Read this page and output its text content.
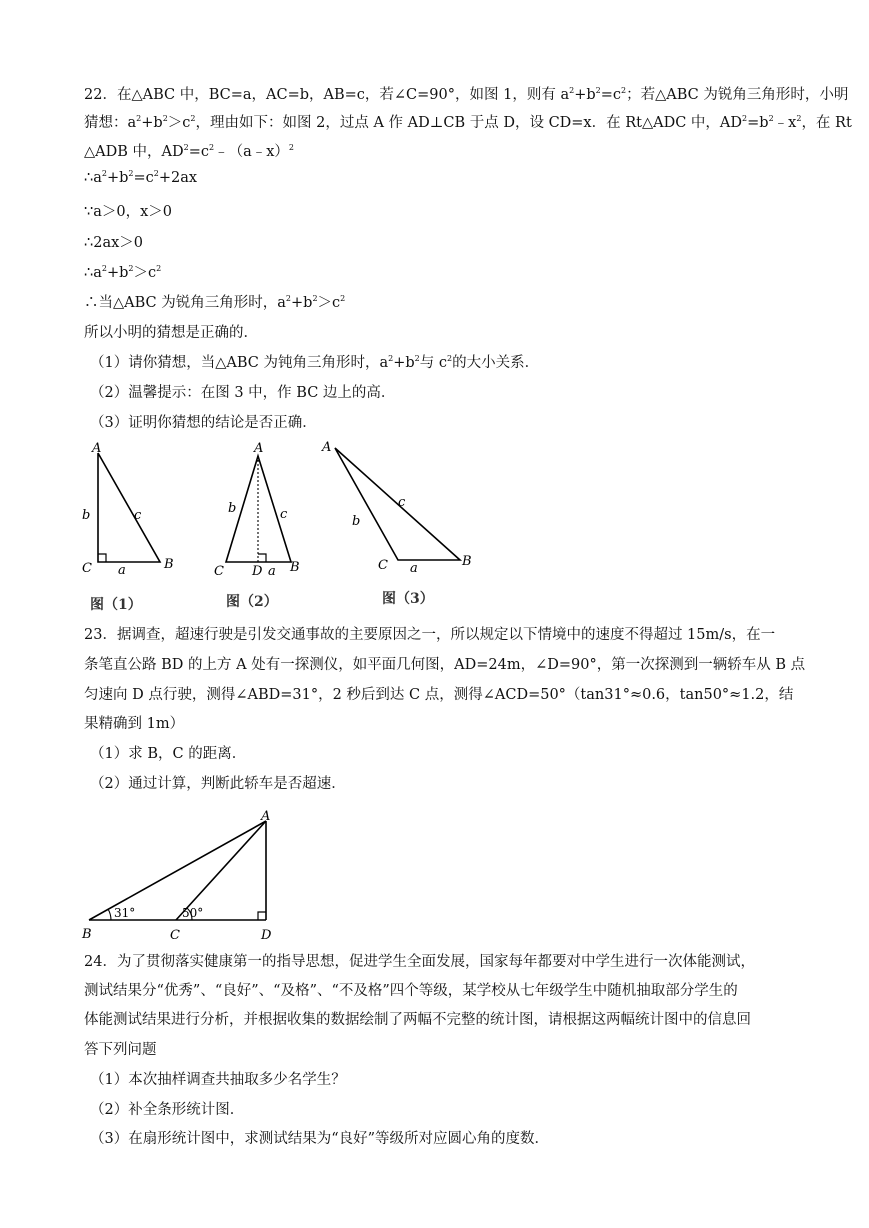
22．在△ABC 中，BC=a，AC=b，AB=c，若∠C=90°，如图 1，则有 $a^2+b^2=c^2$；若△ABC 为锐角三角形时，小明
猜想：$a^2+b^2>c^2$，理由如下：如图 2，过点 A 作 AD⊥CB 于点 D，设 CD=x．在 Rt△ADC 中，$AD^2=b^2﹣x^2$，在 Rt
△ADB 中，$AD^2=c^2﹣(a﹣x)^2$
$\therefore a^2+b^2=c^2+2ax$
∵a＞0，x＞0
∴2ax＞0
$\therefore a^2+b^2>c^2$
∴当△ABC 为锐角三角形时，$a^2+b^2>c^2$
所以小明的猜想是正确的．
（1）请你猜想，当△ABC 为钝角三角形时，$a^2+b^2$与 $c^2$的大小关系．
（2）温馨提示：在图 3 中，作 BC 边上的高．
（3）证明你猜想的结论是否正确．
A
b	c
C a	B
图（1）
A
b	c
C D a B
图（2）
A
b
c
C a	B
图（3）
23．据调查，超速行驶是引发交通事故的主要原因之一，所以规定以下情境中的速度不得超过 15m/s，在一
条笔直公路 BD 的上方 A 处有一探测仪，如平面几何图，AD=24m，∠D=90°，第一次探测到一辆轿车从 B 点
匀速向 D 点行驶，测得∠ABD=31°，2 秒后到达 C 点，测得∠ACD=50°（tan31°≈0.6，tan50°≈1.2，结
果精确到 1m）
（1）求 B，C 的距离．
（2）通过计算，判断此轿车是否超速．
A
B	C	D
31°	50°
24．为了贯彻落实健康第一的指导思想，促进学生全面发展，国家每年都要对中学生进行一次体能测试，
测试结果分“优秀”、“良好”、“及格”、“不及格”四个等级，某学校从七年级学生中随机抽取部分学生的
体能测试结果进行分析，并根据收集的数据绘制了两幅不完整的统计图，请根据这两幅统计图中的信息回
答下列问题
（1）本次抽样调查共抽取多少名学生？
（2）补全条形统计图．
（3）在扇形统计图中，求测试结果为“良好”等级所对应圆心角的度数．
